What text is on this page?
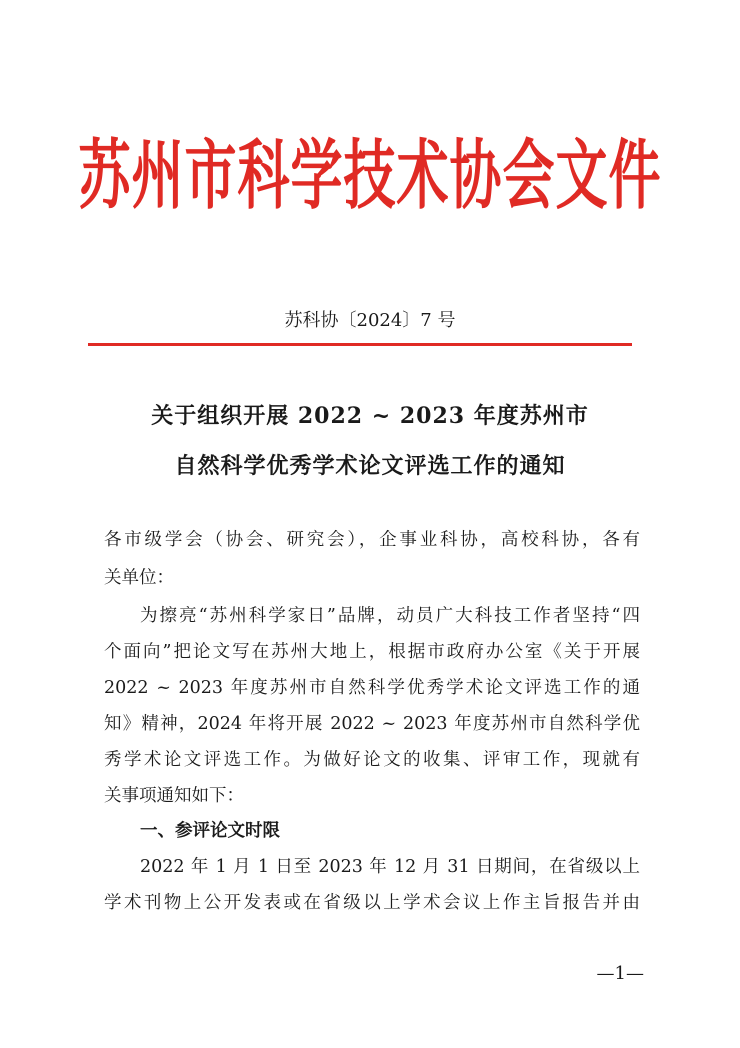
苏州市科学技术协会文件
苏科协〔2024〕7 号
关于组织开展 2022 ~ 2023 年度苏州市
自然科学优秀学术论文评选工作的通知
各市级学会（协会、研究会），企事业科协，高校科协，各有
关单位：
为擦亮“苏州科学家日”品牌，动员广大科技工作者坚持“四
个面向”把论文写在苏州大地上，根据市政府办公室《关于开展
2022 ~ 2023 年度苏州市自然科学优秀学术论文评选工作的通
知》精神，2024 年将开展 2022 ~ 2023 年度苏州市自然科学优
秀学术论文评选工作。为做好论文的收集、评审工作，现就有
关事项通知如下：
一、参评论文时限
2022 年 1 月 1 日至 2023 年 12 月 31 日期间，在省级以上
学术刊物上公开发表或在省级以上学术会议上作主旨报告并由
—1—
